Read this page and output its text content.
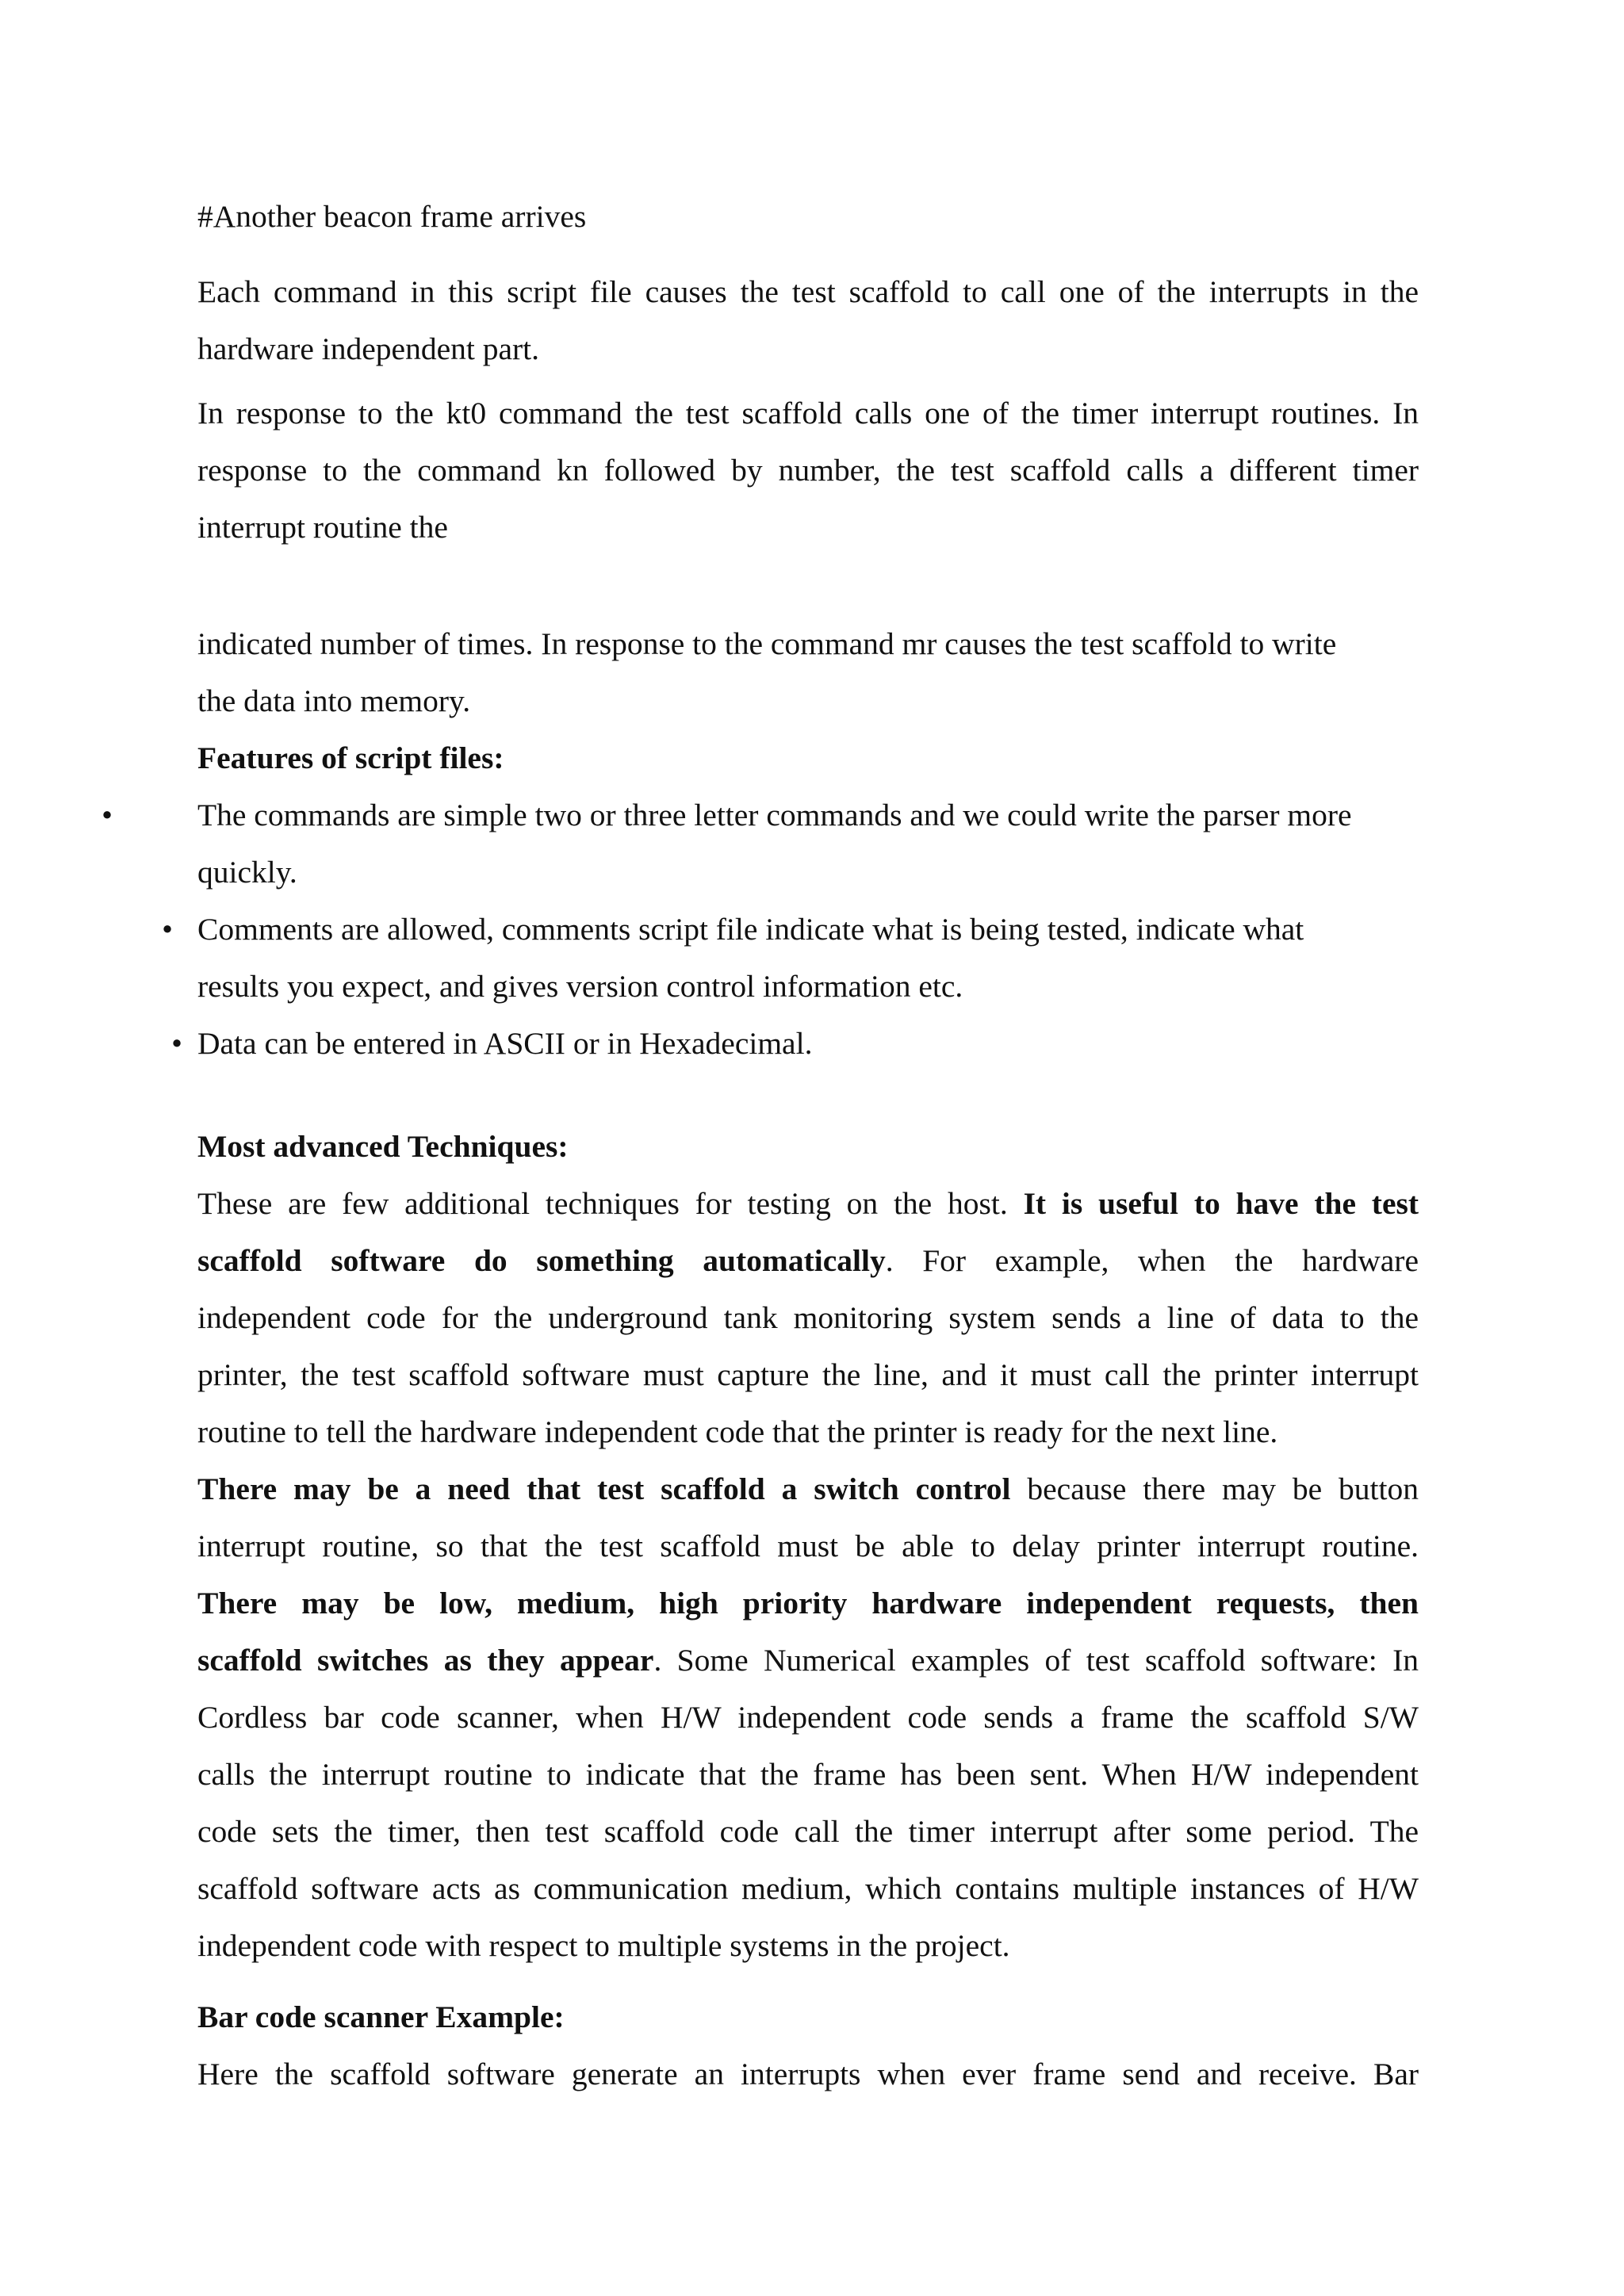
#Another beacon frame arrives

Each command in this script file causes the test scaffold to call one of the interrupts in the
hardware independent part.

In response to the kt0 command the test scaffold calls one of the timer interrupt routines. In
response to the command kn followed by number, the test scaffold calls a different timer
interrupt routine the

indicated number of times. In response to the command mr causes the test scaffold to write
the data into memory.

Features of script files:

•	The commands are simple two or three letter commands and we could write the parser more
quickly.

• Comments are allowed, comments script file indicate what is being tested, indicate what
results you expect, and gives version control information etc.

• Data can be entered in ASCII or in Hexadecimal.

Most advanced Techniques:

These are few additional techniques for testing on the host. It is useful to have the test
scaffold software do something automatically. For example, when the hardware
independent code for the underground tank monitoring system sends a line of data to the
printer, the test scaffold software must capture the line, and it must call the printer interrupt
routine to tell the hardware independent code that the printer is ready for the next line.

There may be a need that test scaffold a switch control because there may be button
interrupt routine, so that the test scaffold must be able to delay printer interrupt routine.
There may be low, medium, high priority hardware independent requests, then
scaffold switches as they appear. Some Numerical examples of test scaffold software: In
Cordless bar code scanner, when H/W independent code sends a frame the scaffold S/W
calls the interrupt routine to indicate that the frame has been sent. When H/W independent
code sets the timer, then test scaffold code call the timer interrupt after some period. The
scaffold software acts as communication medium, which contains multiple instances of H/W
independent code with respect to multiple systems in the project.

Bar code scanner Example:

Here the scaffold software generate an interrupts when ever frame send and receive. Bar
